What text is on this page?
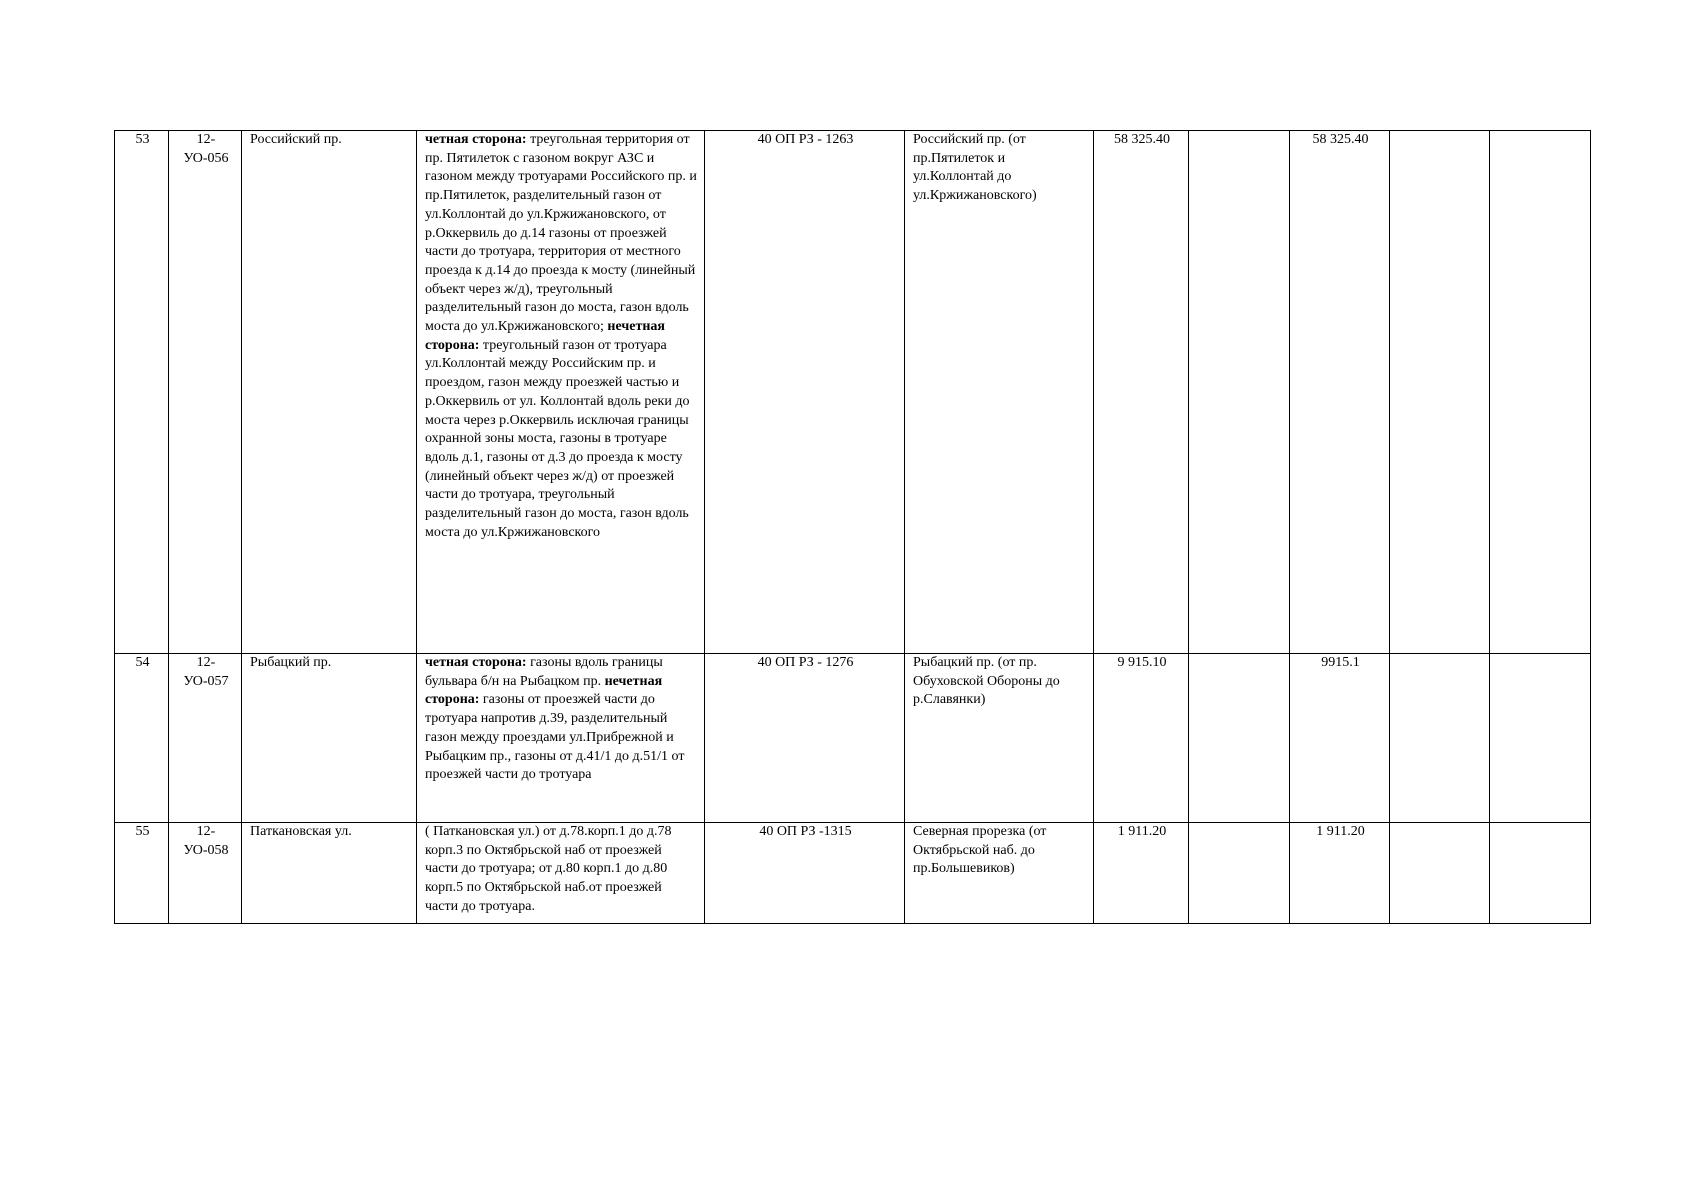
53	12-УО-056	Российский пр.	четная сторона: треугольная территория от пр. Пятилеток с газоном вокруг АЗС и газоном между тротуарами Российского пр. и пр.Пятилеток, разделительный газон от ул.Коллонтай до ул.Кржижановского, от р.Оккервиль до д.14 газоны от проезжей части до тротуара, территория от местного проезда к д.14 до проезда к мосту (линейный объект через ж/д), треугольный разделительный газон до моста, газон вдоль моста до ул.Кржижановского; нечетная сторона: треугольный газон от тротуара ул.Коллонтай между Российским пр. и проездом, газон между проезжей частью и р.Оккервиль от ул. Коллонтай вдоль реки до моста через р.Оккервиль исключая границы охранной зоны моста, газоны в тротуаре вдоль д.1, газоны от д.3 до проезда к мосту (линейный объект через ж/д) от проезжей части до тротуара, треугольный разделительный газон до моста, газон вдоль моста до ул.Кржижановского	40 ОП РЗ - 1263	Российский пр. (от пр.Пятилеток и ул.Коллонтай до ул.Кржижановского)	58 325.40		58 325.40		
54	12-УО-057	Рыбацкий пр.	четная сторона: газоны вдоль границы бульвара б/н на Рыбацком пр. нечетная сторона: газоны от проезжей части до тротуара напротив д.39, разделительный газон между проездами ул.Прибрежной и Рыбацким пр., газоны от д.41/1 до д.51/1 от проезжей части до тротуара	40 ОП РЗ - 1276	Рыбацкий пр. (от пр. Обуховской Обороны до р.Славянки)	9 915.10		9915.1		
55	12-УО-058	Патканoвская ул.	( Паткановская ул.) от д.78.корп.1 до д.78 корп.3 по Октябрьской наб от проезжей части до тротуара; от д.80 корп.1 до д.80 корп.5 по Октябрьской наб.от проезжей части до тротуара.	40 ОП РЗ -1315	Северная прорезка (от Октябрьской наб. до пр.Большевиков)	1 911.20		1 911.20		
